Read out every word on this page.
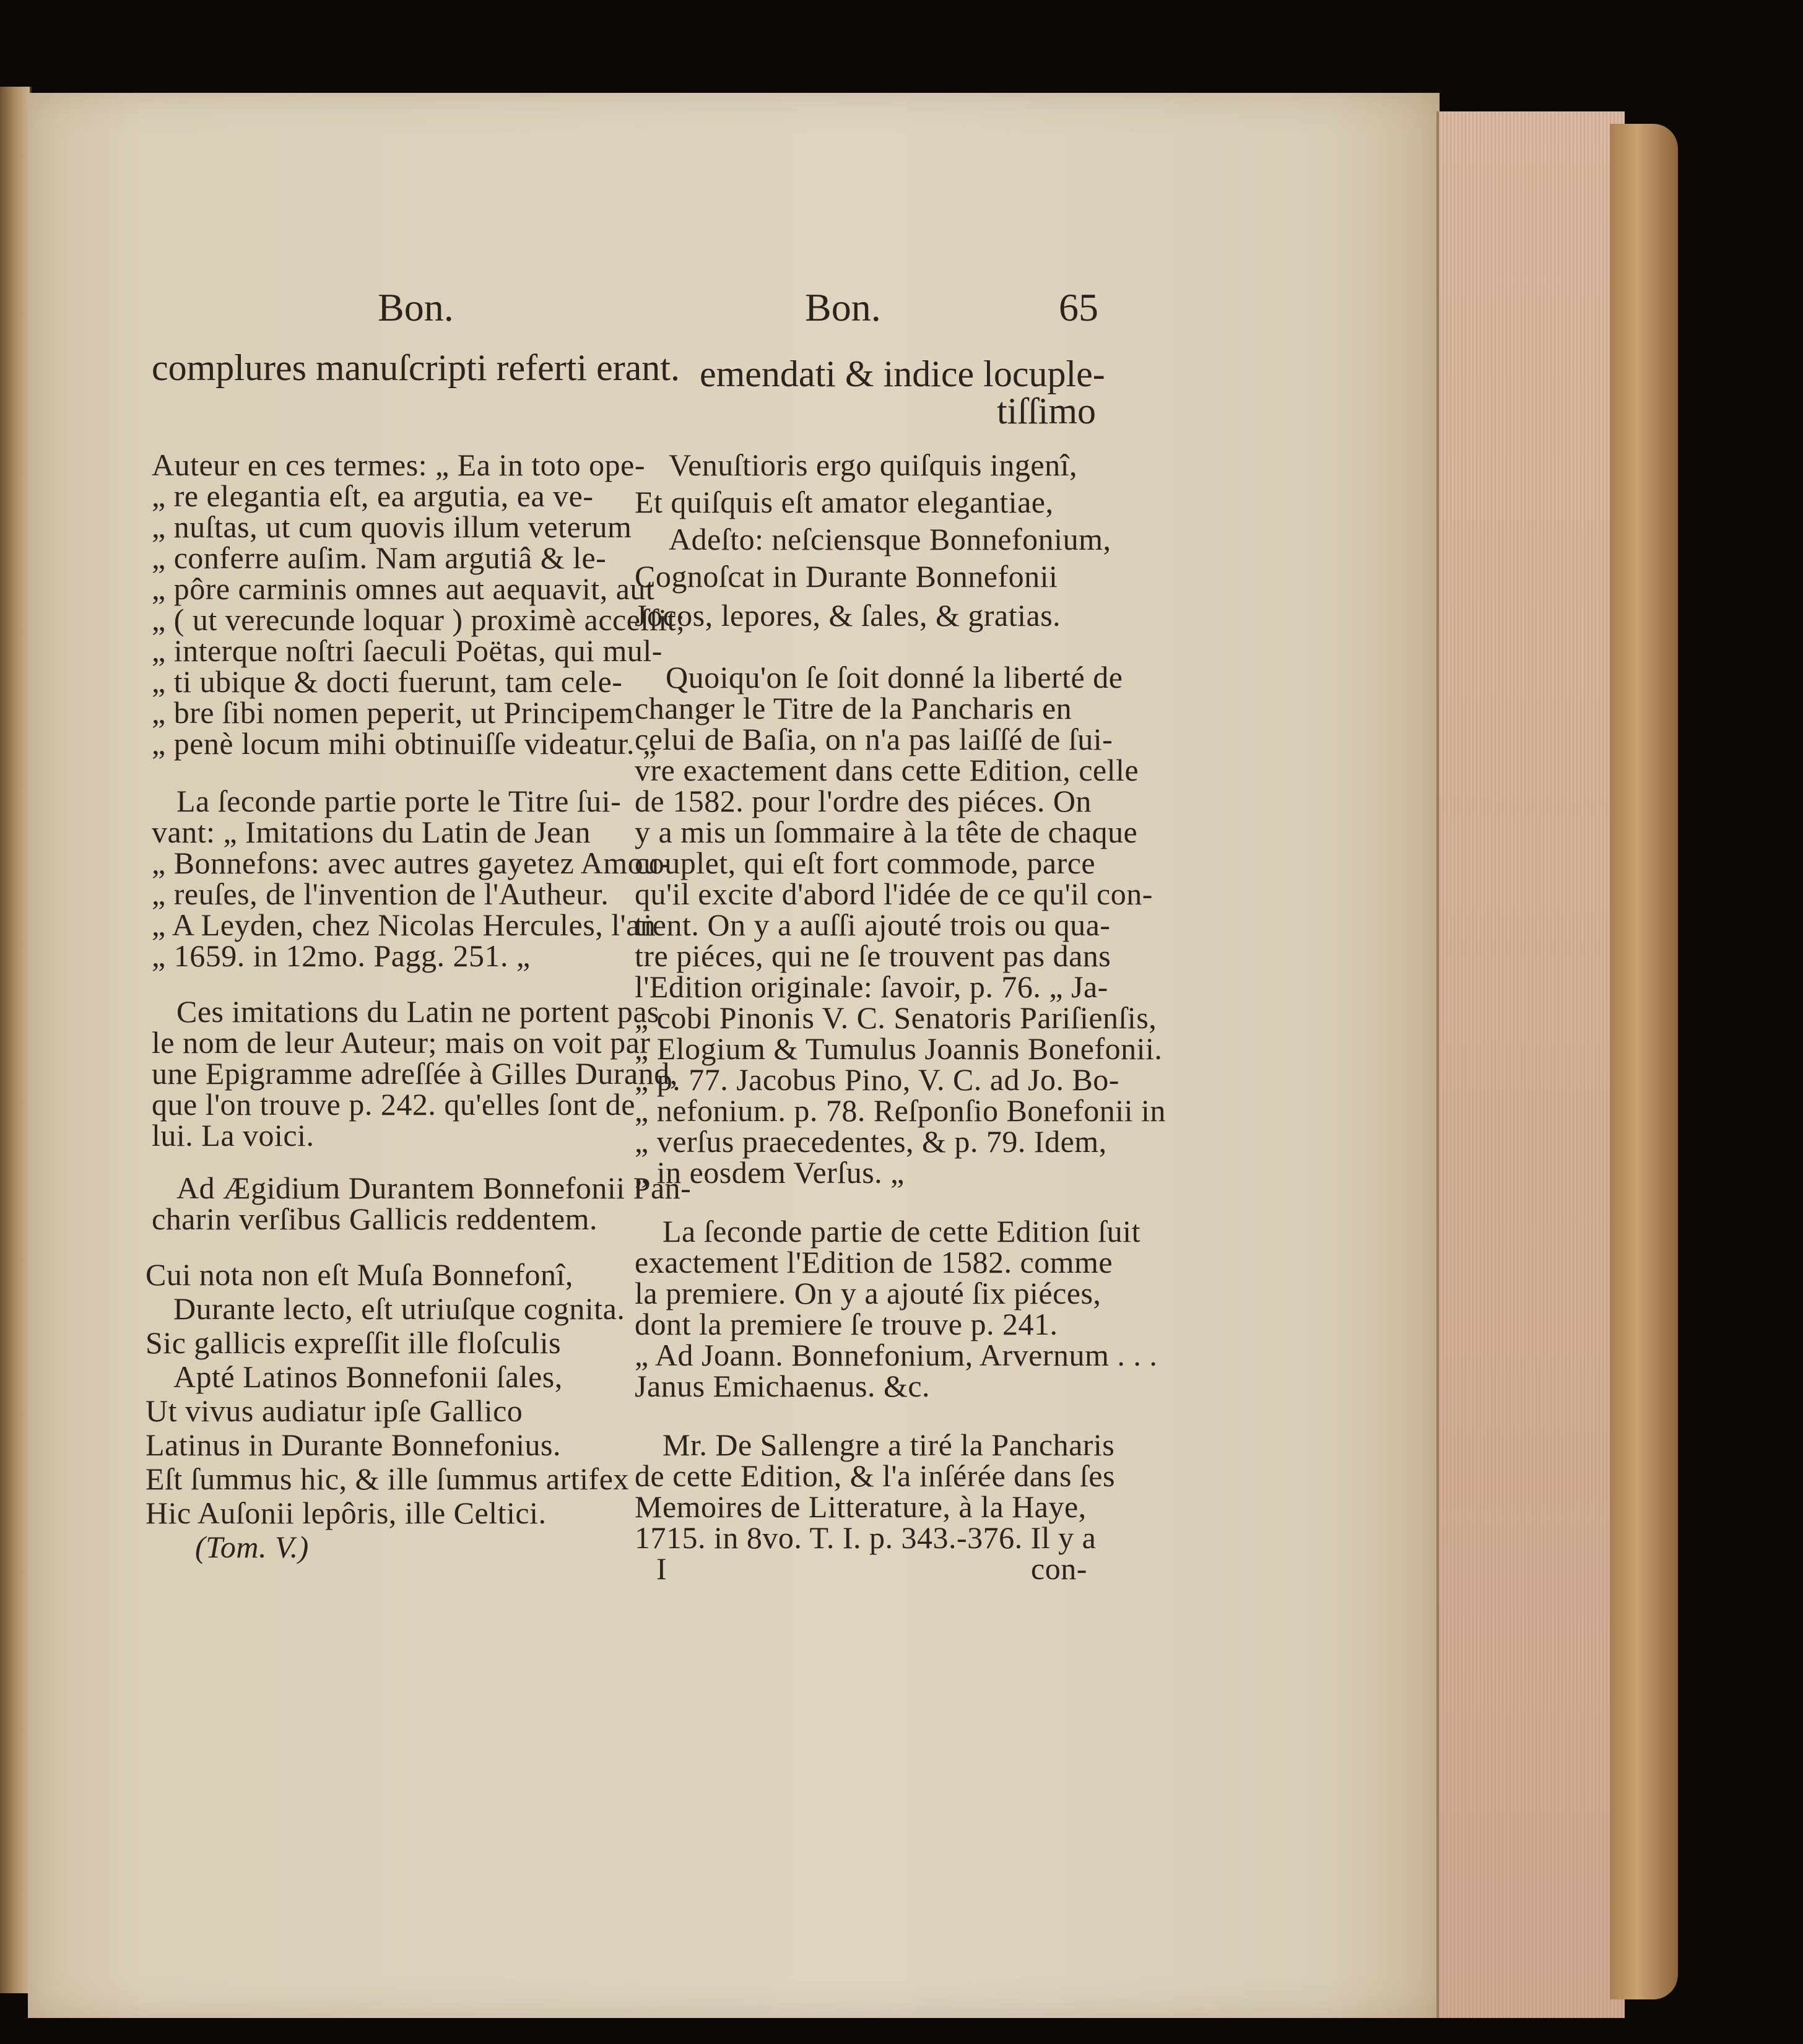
Bon.	Bon.	65
complures manuſcripti referti erant. emendati & indice locuple-
tiſſimo
Auteur en ces termes: „ Ea in toto ope-
„ re elegantia eſt, ea argutia, ea ve-
„ nuſtas, ut cum quovis illum veterum
„ conferre auſim. Nam argutiâ & le-
„ pôre carminis omnes aut aequavit, aut
„ ( ut verecunde loquar ) proximè acceſſit;
„ interque noſtri ſaeculi Poëtas, qui mul-
„ ti ubique & docti fuerunt, tam cele-
„ bre ſibi nomen peperit, ut Principem
„ penè locum mihi obtinuiſſe videatur. „
La ſeconde partie porte le Titre ſui-
vant: „ Imitations du Latin de Jean
„ Bonnefons: avec autres gayetez Amou-
„ reuſes, de l'invention de l'Autheur.
„ A Leyden, chez Nicolas Hercules, l'an
„ 1659. in 12mo. Pagg. 251. „
Ces imitations du Latin ne portent pas
le nom de leur Auteur; mais on voit par
une Epigramme adreſſée à Gilles Durand,
que l'on trouve p. 242. qu'elles ſont de
lui. La voici.
Ad Ægidium Durantem Bonnefonii Pan-
charin verſibus Gallicis reddentem.
Cui nota non eſt Muſa Bonnefonî,
Durante lecto, eſt utriuſque cognita.
Sic gallicis expreſſit ille floſculis
Apté Latinos Bonnefonii ſales,
Ut vivus audiatur ipſe Gallico
Latinus in Durante Bonnefonius.
Eſt ſummus hic, & ille ſummus artifex
Hic Auſonii lepôris, ille Celtici.
(Tom. V.)
Venuſtioris ergo quiſquis ingenî,
Et quiſquis eſt amator elegantiae,
Adeſto: neſciensque Bonnefonium,
Cognoſcat in Durante Bonnefonii
Jocos, lepores, & ſales, & gratias.
Quoiqu'on ſe ſoit donné la liberté de
changer le Titre de la Pancharis en
celui de Baſia, on n'a pas laiſſé de ſui-
vre exactement dans cette Edition, celle
de 1582. pour l'ordre des piéces. On
y a mis un ſommaire à la tête de chaque
couplet, qui eſt fort commode, parce
qu'il excite d'abord l'idée de ce qu'il con-
tient. On y a auſſi ajouté trois ou qua-
tre piéces, qui ne ſe trouvent pas dans
l'Edition originale: ſavoir, p. 76. „ Ja-
„ cobi Pinonis V. C. Senatoris Pariſienſis,
„ Elogium & Tumulus Joannis Bonefonii.
„ p. 77. Jacobus Pino, V. C. ad Jo. Bo-
„ nefonium. p. 78. Reſponſio Bonefonii in
„ verſus praecedentes, & p. 79. Idem,
„ in eosdem Verſus. „
La ſeconde partie de cette Edition ſuit
exactement l'Edition de 1582. comme
la premiere. On y a ajouté ſix piéces,
dont la premiere ſe trouve p. 241.
„ Ad Joann. Bonnefonium, Arvernum . . .
Janus Emichaenus. &c.
Mr. De Sallengre a tiré la Pancharis
de cette Edition, & l'a inſérée dans ſes
Memoires de Litterature, à la Haye,
1715. in 8vo. T. I. p. 343.-376. Il y a
I	con-
